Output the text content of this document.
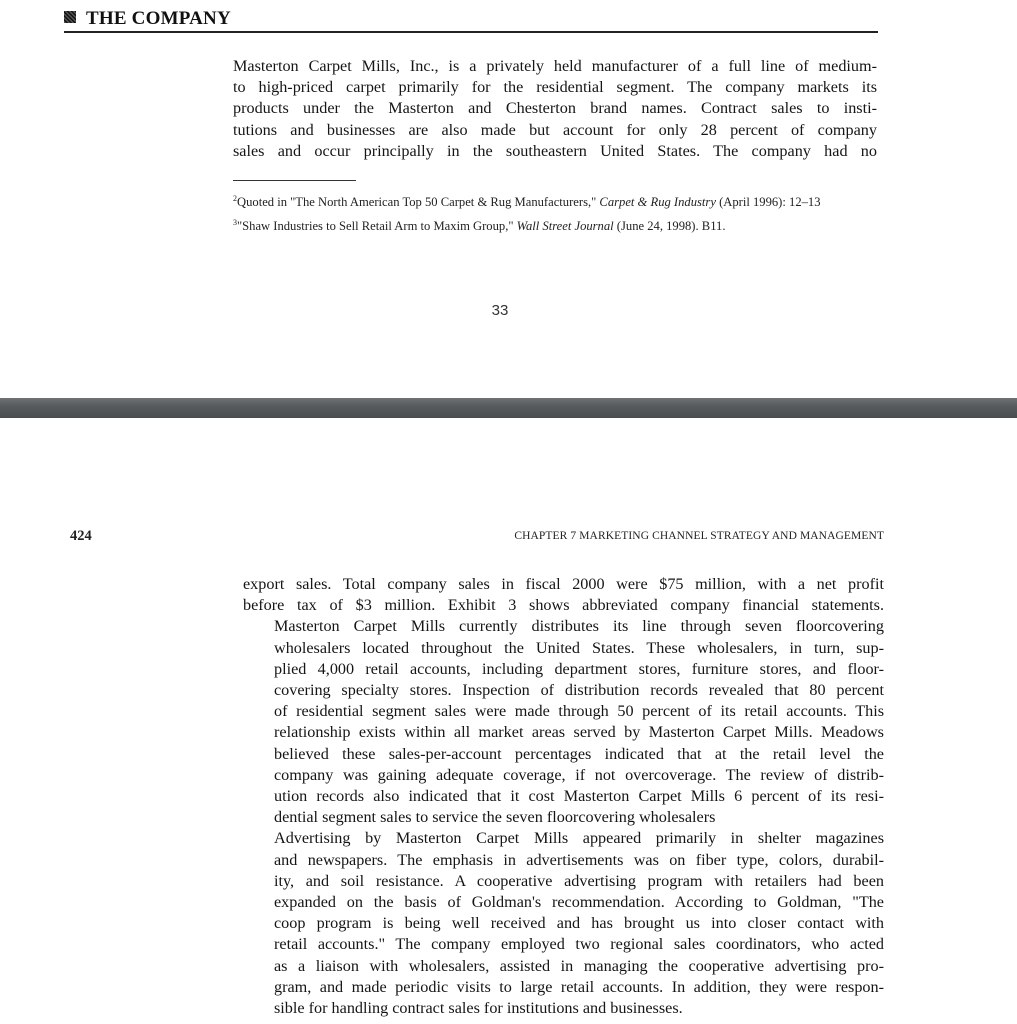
THE COMPANY
Masterton Carpet Mills, Inc., is a privately held manufacturer of a full line of medium-
to high-priced carpet primarily for the residential segment. The company markets its
products under the Masterton and Chesterton brand names. Contract sales to insti-
tutions and businesses are also made but account for only 28 percent of company
sales and occur principally in the southeastern United States. The company had no
$^2$Quoted in "The North American Top 50 Carpet & Rug Manufacturers," Carpet & Rug Industry (April 1996): 12–13
$^3$"Shaw Industries to Sell Retail Arm to Maxim Group," Wall Street Journal (June 24, 1998). B11.
33
424	CHAPTER 7 MARKETING CHANNEL STRATEGY AND MANAGEMENT

export sales. Total company sales in fiscal 2000 were $75 million, with a net profit
before tax of $3 million. Exhibit 3 shows abbreviated company financial statements.

Masterton Carpet Mills currently distributes its line through seven floorcovering
wholesalers located throughout the United States. These wholesalers, in turn, sup-
plied 4,000 retail accounts, including department stores, furniture stores, and floor-
covering specialty stores. Inspection of distribution records revealed that 80 percent
of residential segment sales were made through 50 percent of its retail accounts. This
relationship exists within all market areas served by Masterton Carpet Mills. Meadows
believed these sales-per-account percentages indicated that at the retail level the
company was gaining adequate coverage, if not overcoverage. The review of distrib-
ution records also indicated that it cost Masterton Carpet Mills 6 percent of its resi-
dential segment sales to service the seven floorcovering wholesalers

Advertising by Masterton Carpet Mills appeared primarily in shelter magazines
and newspapers. The emphasis in advertisements was on fiber type, colors, durabil-
ity, and soil resistance. A cooperative advertising program with retailers had been
expanded on the basis of Goldman's recommendation. According to Goldman, "The
coop program is being well received and has brought us into closer contact with
retail accounts." The company employed two regional sales coordinators, who acted
as a liaison with wholesalers, assisted in managing the cooperative advertising pro-
gram, and made periodic visits to large retail accounts. In addition, they were respon-
sible for handling contract sales for institutions and businesses.
